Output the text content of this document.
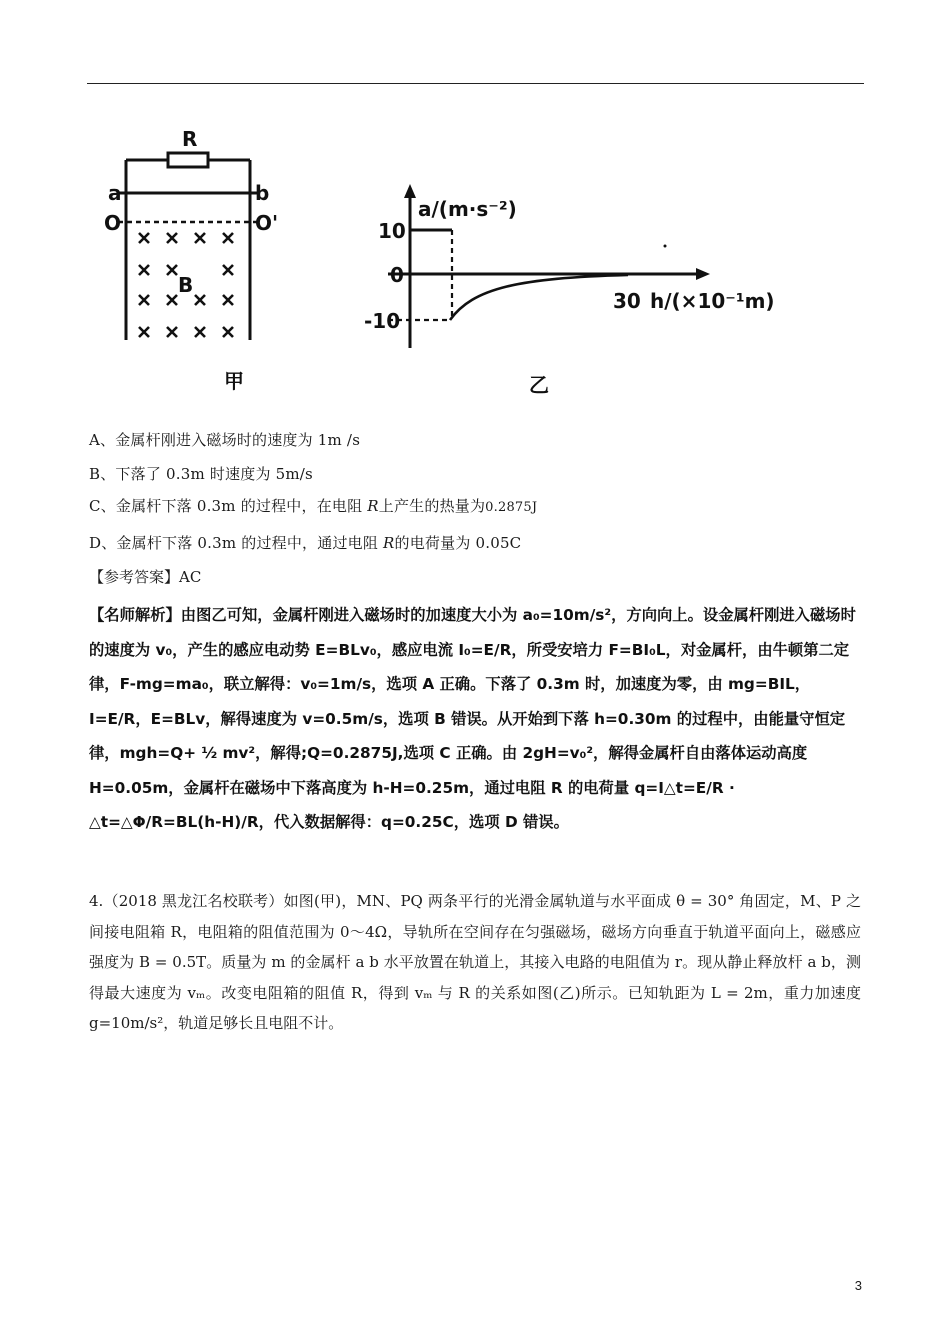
R
a	b
O	O'
B
甲
a/(m·s⁻²)
10
0
-10
30 h/(×10⁻¹m)
乙
A、金属杆刚进入磁场时的速度为 1m /s
B、下落了 0.3m 时速度为 5m/s
C、金属杆下落 0.3m 的过程中，在电阻 R上产生的热量为0.2875J
D、金属杆下落 0.3m 的过程中，通过电阻 R的电荷量为 0.05C
【参考答案】AC
【名师解析】由图乙可知，金属杆刚进入磁场时的加速度大小为 a₀=10m/s²，方向向上。设金属杆刚进入磁场时的速度为 v₀，产生的感应电动势 E=BLv₀，感应电流 I₀=E/R，所受安培力 F=BI₀L，对金属杆，由牛顿第二定律，F-mg=ma₀，联立解得：v₀=1m/s，选项 A 正确。下落了 0.3m 时，加速度为零，由 mg=BIL，I=E/R，E=BLv，解得速度为 v=0.5m/s，选项 B 错误。从开始到下落 h=0.30m 的过程中，由能量守恒定律，mgh=Q+ ½ mv²，解得;Q=0.2875J,选项 C 正确。由 2gH=v₀²，解得金属杆自由落体运动高度 H=0.05m，金属杆在磁场中下落高度为 h-H=0.25m，通过电阻 R 的电荷量 q=I△t=E/R · △t=△Φ/R=BL(h-H)/R，代入数据解得：q=0.25C，选项 D 错误。
4.（2018 黑龙江名校联考）如图(甲)，MN、PQ 两条平行的光滑金属轨道与水平面成 θ = 30° 角固定，M、P 之间接电阻箱 R，电阻箱的阻值范围为 0～4Ω，导轨所在空间存在匀强磁场，磁场方向垂直于轨道平面向上，磁感应强度为 B = 0.5T。质量为 m 的金属杆 a b 水平放置在轨道上，其接入电路的电阻值为 r。现从静止释放杆 a b，测得最大速度为 vₘ。改变电阻箱的阻值 R，得到 vₘ 与 R 的关系如图(乙)所示。已知轨距为 L = 2m，重力加速度 g=10m/s²，轨道足够长且电阻不计。
3
